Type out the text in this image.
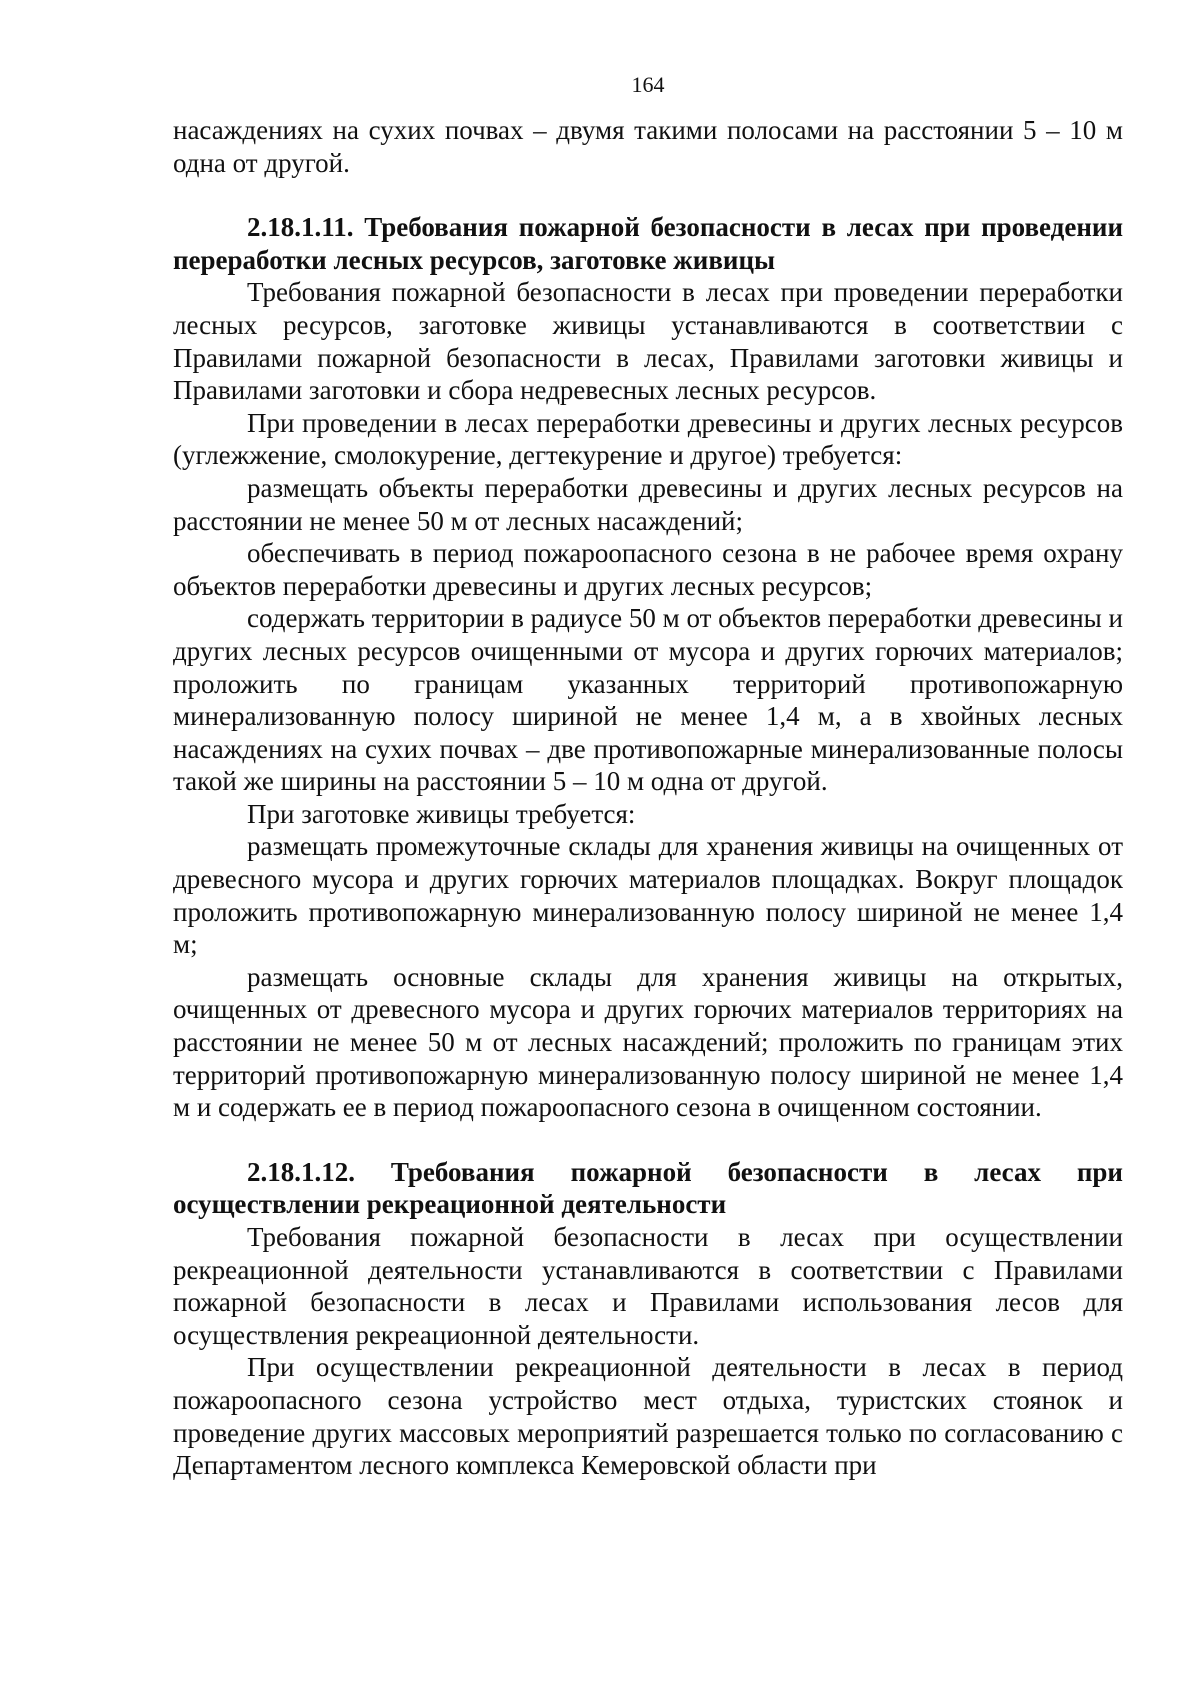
164

насаждениях на сухих почвах – двумя такими полосами на расстоянии 5 – 10 м одна от другой.

2.18.1.11. Требования пожарной безопасности в лесах при проведении переработки лесных ресурсов, заготовке живицы

Требования пожарной безопасности в лесах при проведении переработки лесных ресурсов, заготовке живицы устанавливаются в соответствии с Правилами пожарной безопасности в лесах, Правилами заготовки живицы и Правилами заготовки и сбора недревесных лесных ресурсов.

При проведении в лесах переработки древесины и других лесных ресурсов (углежжение, смолокурение, дегтекурение и другое) требуется:

размещать объекты переработки древесины и других лесных ресурсов на расстоянии не менее 50 м от лесных насаждений;

обеспечивать в период пожароопасного сезона в не рабочее время охрану объектов переработки древесины и других лесных ресурсов;

содержать территории в радиусе 50 м от объектов переработки древесины и других лесных ресурсов очищенными от мусора и других горючих материалов; проложить по границам указанных территорий противопожарную минерализованную полосу шириной не менее 1,4 м, а в хвойных лесных насаждениях на сухих почвах – две противопожарные минерализованные полосы такой же ширины на расстоянии 5 – 10 м одна от другой.

При заготовке живицы требуется:

размещать промежуточные склады для хранения живицы на очищенных от древесного мусора и других горючих материалов площадках. Вокруг площадок проложить противопожарную минерализованную полосу шириной не менее 1,4 м;

размещать основные склады для хранения живицы на открытых, очищенных от древесного мусора и других горючих материалов территориях на расстоянии не менее 50 м от лесных насаждений; проложить по границам этих территорий противопожарную минерализованную полосу шириной не менее 1,4 м и содержать ее в период пожароопасного сезона в очищенном состоянии.

2.18.1.12. Требования пожарной безопасности в лесах при осуществлении рекреационной деятельности

Требования пожарной безопасности в лесах при осуществлении рекреационной деятельности устанавливаются в соответствии с Правилами пожарной безопасности в лесах и Правилами использования лесов для осуществления рекреационной деятельности.

При осуществлении рекреационной деятельности в лесах в период пожароопасного сезона устройство мест отдыха, туристских стоянок и проведение других массовых мероприятий разрешается только по согласованию с Департаментом лесного комплекса Кемеровской области при
